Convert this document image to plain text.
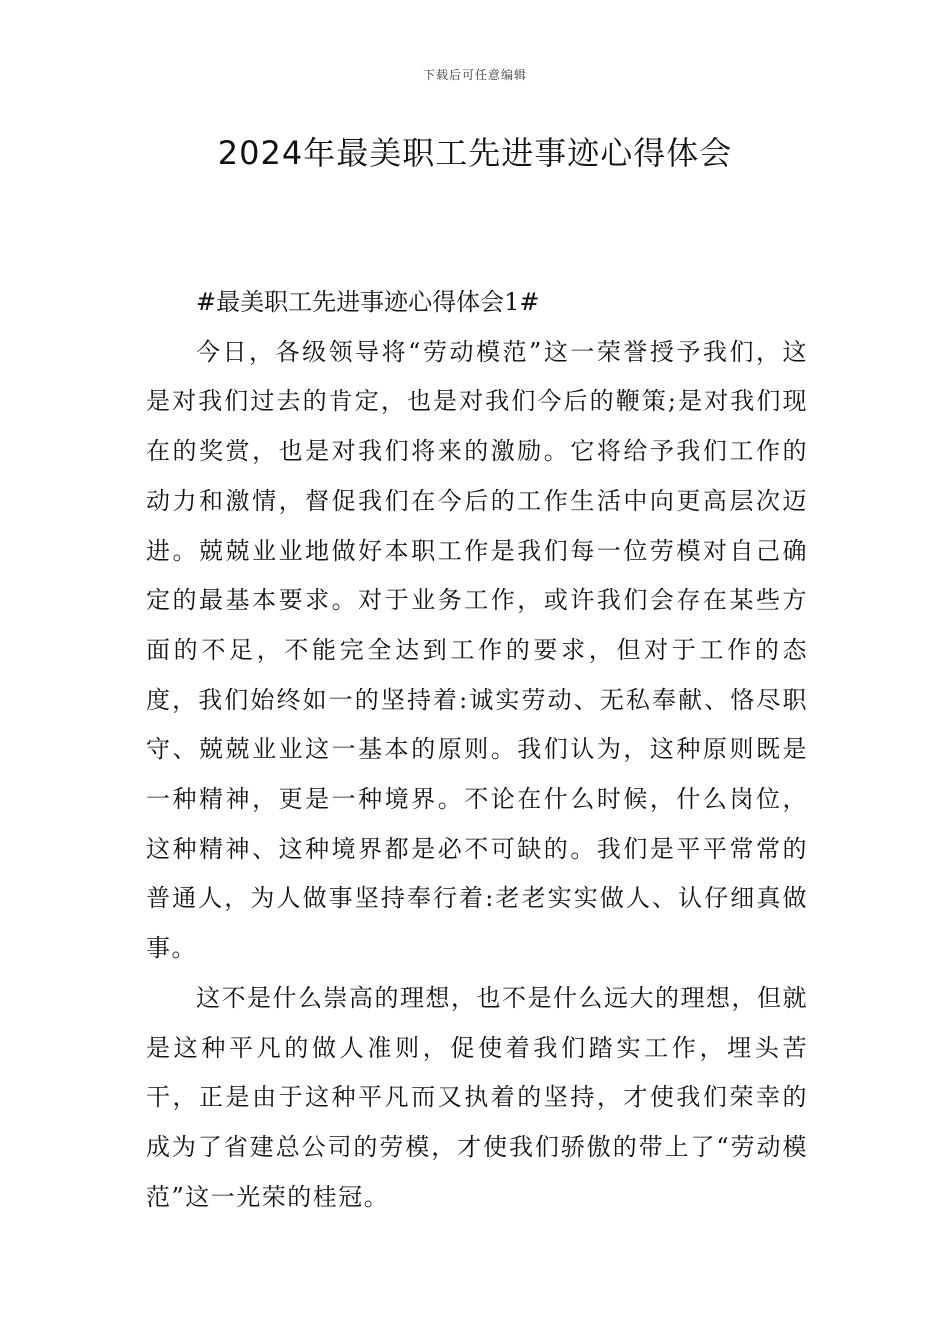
下载后可任意编辑
2024年最美职工先进事迹心得体会

#最美职工先进事迹心得体会1#

今日，各级领导将“劳动模范”这一荣誉授予我们，这是对我们过去的肯定，也是对我们今后的鞭策;是对我们现在的奖赏，也是对我们将来的激励。它将给予我们工作的动力和激情，督促我们在今后的工作生活中向更高层次迈进。兢兢业业地做好本职工作是我们每一位劳模对自己确定的最基本要求。对于业务工作，或许我们会存在某些方面的不足，不能完全达到工作的要求，但对于工作的态度，我们始终如一的坚持着:诚实劳动、无私奉献、恪尽职守、兢兢业业这一基本的原则。我们认为，这种原则既是一种精神，更是一种境界。不论在什么时候，什么岗位，这种精神、这种境界都是必不可缺的。我们是平平常常的普通人，为人做事坚持奉行着:老老实实做人、认仔细真做事。

这不是什么崇高的理想，也不是什么远大的理想，但就是这种平凡的做人准则，促使着我们踏实工作，埋头苦干，正是由于这种平凡而又执着的坚持，才使我们荣幸的成为了省建总公司的劳模，才使我们骄傲的带上了“劳动模范”这一光荣的桂冠。
